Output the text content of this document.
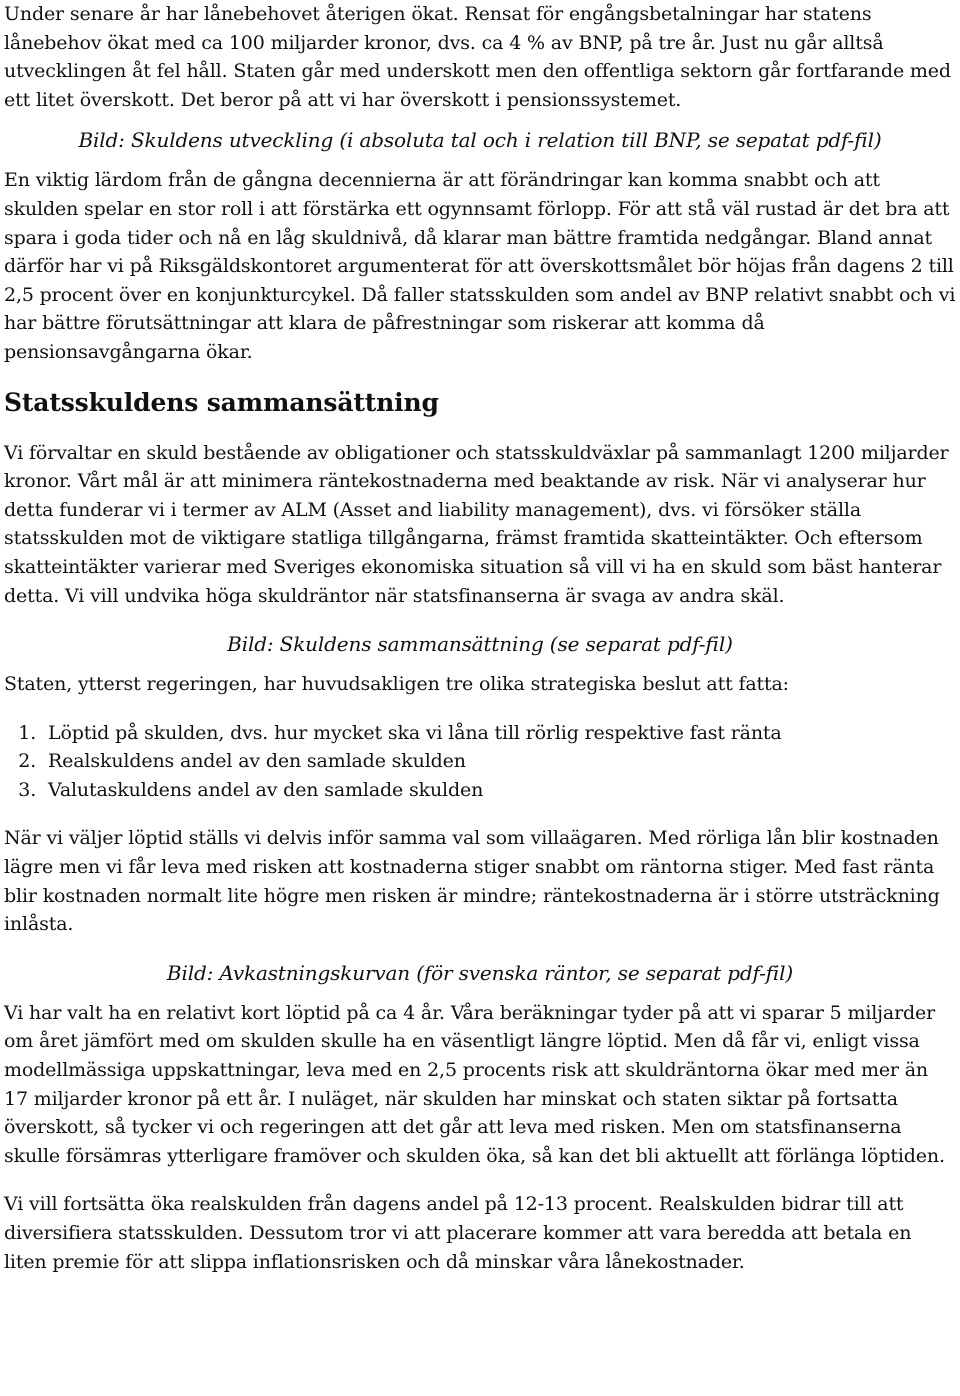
Under senare år har lånebehovet återigen ökat. Rensat för engångsbetalningar har statens lånebehov ökat med ca 100 miljarder kronor, dvs. ca 4 % av BNP, på tre år. Just nu går alltså utvecklingen åt fel håll. Staten går med underskott men den offentliga sektorn går fortfarande med ett litet överskott. Det beror på att vi har överskott i pensionssystemet.

Bild: Skuldens utveckling (i absoluta tal och i relation till BNP, se sepatat pdf-fil)

En viktig lärdom från de gångna decennierna är att förändringar kan komma snabbt och att skulden spelar en stor roll i att förstärka ett ogynnsamt förlopp. För att stå väl rustad är det bra att spara i goda tider och nå en låg skuldnivå, då klarar man bättre framtida nedgångar. Bland annat därför har vi på Riksgäldskontoret argumenterat för att överskottsmålet bör höjas från dagens 2 till 2,5 procent över en konjunkturcykel. Då faller statsskulden som andel av BNP relativt snabbt och vi har bättre förutsättningar att klara de påfrestningar som riskerar att komma då pensionsavgångarna ökar.

Statsskuldens sammansättning

Vi förvaltar en skuld bestående av obligationer och statsskuldväxlar på sammanlagt 1200 miljarder kronor. Vårt mål är att minimera räntekostnaderna med beaktande av risk. När vi analyserar hur detta funderar vi i termer av ALM (Asset and liability management), dvs. vi försöker ställa statsskulden mot de viktigare statliga tillgångarna, främst framtida skatteintäkter. Och eftersom skatteintäkter varierar med Sveriges ekonomiska situation så vill vi ha en skuld som bäst hanterar detta. Vi vill undvika höga skuldräntor när statsfinanserna är svaga av andra skäl.

Bild: Skuldens sammansättning (se separat pdf-fil)

Staten, ytterst regeringen, har huvudsakligen tre olika strategiska beslut att fatta:

1. Löptid på skulden, dvs. hur mycket ska vi låna till rörlig respektive fast ränta
2. Realskuldens andel av den samlade skulden
3. Valutaskuldens andel av den samlade skulden

När vi väljer löptid ställs vi delvis inför samma val som villaägaren. Med rörliga lån blir kostnaden lägre men vi får leva med risken att kostnaderna stiger snabbt om räntorna stiger. Med fast ränta blir kostnaden normalt lite högre men risken är mindre; räntekostnaderna är i större utsträckning inlåsta.

Bild: Avkastningskurvan (för svenska räntor, se separat pdf-fil)

Vi har valt ha en relativt kort löptid på ca 4 år. Våra beräkningar tyder på att vi sparar 5 miljarder om året jämfört med om skulden skulle ha en väsentligt längre löptid. Men då får vi, enligt vissa modellmässiga uppskattningar, leva med en 2,5 procents risk att skuldräntorna ökar med mer än 17 miljarder kronor på ett år. I nuläget, när skulden har minskat och staten siktar på fortsatta överskott, så tycker vi och regeringen att det går att leva med risken. Men om statsfinanserna skulle försämras ytterligare framöver och skulden öka, så kan det bli aktuellt att förlänga löptiden.

Vi vill fortsätta öka realskulden från dagens andel på 12-13 procent. Realskulden bidrar till att diversifiera statsskulden. Dessutom tror vi att placerare kommer att vara beredda att betala en liten premie för att slippa inflationsrisken och då minskar våra lånekostnader.
